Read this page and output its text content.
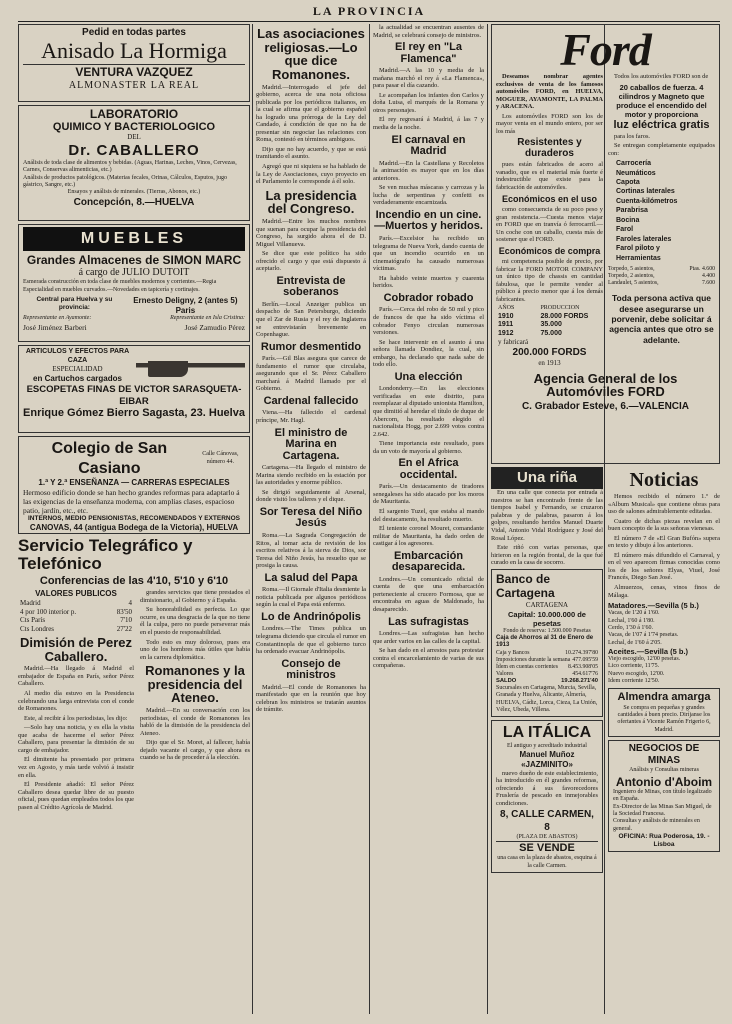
LA PROVINCIA
Pedid en todas partes
Anisado La Hormiga
VENTURA VAZQUEZ
ALMONASTER LA REAL
LABORATORIO
QUIMICO Y BACTERIOLOGICO
DEL
Dr. CABALLERO
Análisis de toda clase de alimentos y bebidas. (Aguas, Harinas, Leches, Vinos, Cervezas, Carnes, Conservas alimenticias, etc.)
Análisis de productos patológicos. (Materias fecales, Orinas, Cálculos, Esputos, jugo gástrico, Sangre, etc.)
Ensayos y análisis de minerales. (Tierras, Abonos, etc.)
Concepción, 8.—HUELVA
MUEBLES
Grandes Almacenes de SIMON MARC
á cargo de JULIO DUTOIT
Esmerada construcción en toda clase de muebles modernos y corrientes.—Regia Especialidad en muebles curvados.—Novedades en tapicería y cortinajes.
Central para Huelva y su provincia:
Ernesto Deligny, 2 (antes 5) Paris
Representante en Ayamonte:	Representante en Isla Cristina:
José Jiménez Barberi	José Zamudio Pérez
ARTICULOS Y EFECTOS PARA CAZA
ESPECIALIDAD
en Cartuchos cargados
ESCOPETAS FINAS DE VICTOR SARASQUETA-EIBAR
Enrique Gómez Bierro Sagasta, 23. Huelva
Colegio de San Casiano
Calle Cánovas, número 44.
1.ª Y 2.ª ENSEÑANZA — CARRERAS ESPECIALES
Hermoso edificio donde se han hecho grandes reformas para adaptarlo á las exigencias de la enseñanza moderna, con amplias clases, espacioso patio, jardín, etc., etc.
INTERNOS, MEDIO PENSIONISTAS, RECOMENDADOS Y EXTERNOS
CANOVAS, 44 (antigua Bodega de la Victoria), HUELVA
Servicio Telegráfico y Telefónico
Conferencias de las 4'10, 5'10 y 6'10
VALORES PUBLICOS
Madrid	4
4 por 100 interior p.	83'50
Cts París	7'10
Cts Londres	27'22
Dimisión de Perez Caballero.

Madrid.—Ha llegado á Madrid el embajador de España en París, señor Pérez Caballero.

Al medio día estuvo en la Presidencia celebrando una larga entrevista con el conde de Romanones.

Este, al recibir á los periodistas, les dijo:

—Solo hay una noticia, y es ella la visita que acaba de hacerme el señor Pérez Caballero, para presentar la dimisión de su cargo de embajador.

El dimitente ha presentado por primera vez en Agosto, y más tarde volvió á insistir en ella.

El Presidente añadió: El señor Pérez Caballero desea quedar libre de su puesto oficial, pues quedan empleados todos los que pasen al Crédito Agrícola de Madrid.

grandes servicios que tiene prestados el dimisionario, al Gobierno y á España.

Su honorabilidad es perfecta. Lo que ocurre, es una desgracia de la que no tiene él la culpa, pero no puede perseverar más en el puesto de responsabilidad.

Todo esto es muy doloroso, pues era uno de los hombres más útiles que había en la carrera diplomática.

Romanones y la presidencia del Ateneo.

Madrid.—En su conversación con los periodistas, el conde de Romanones les habló de la dimisión de la presidencia del Ateneo.

Dijo que el Sr. Moret, al fallecer, había dejado vacante el cargo, y que ahora es cuando se ha de proceder á la elección.

Las asociaciones religiosas.—Lo que dice Romanones.

Madrid.—Interrogado el jefe del gobierno, acerca de una nota oficiosa publicada por los periódicos italianos, en la cual se afirma que el gobierno español ha logrado una prórroga de la Ley del Candado, á condición de que no ha de presentar sin negociar las relaciones con Roma, contestó en términos ambiguos.

Dijo que no hay acuerdo, y que se está tramitando el asunto.

Agregó que ni siquiera se ha hablado de la Ley de Asociaciones, cuyo proyecto en el Parlamento le corresponde á él solo.

La presidencia del Congreso.

Madrid.—Entre los muchos nombres que suenan para ocupar la presidencia del Congreso, ha surgido ahora el de D. Miguel Villanueva.

Se dice que este político ha sido ofrecido el cargo y que está dispuesto á aceptarlo.

Entrevista de soberanos

Berlín.—Local Anzeiger publica un despacho de San Petersburgo, diciendo que el Zar de Rusia y el rey de Inglaterra se entrevistarán brevemente en Copenhague.

Rumor desmentido

París.—Gil Blas asegura que carece de fundamento el rumor que circulaba, asegurando que el Sr. Pérez Caballero marchará á Madrid llamado por el Gobierno.

Cardenal fallecido

Viena.—Ha fallecido el cardenal príncipe, Mr. Hagl.

El ministro de Marina en Cartagena.

Cartagena.—Ha llegado el ministro de Marina siendo recibido en la estación por las autoridades y enorme público.

Se dirigió seguidamente al Arsenal, donde visitó los talleres y el dique.

Sor Teresa del Niño Jesús

Roma.—La Sagrada Congregación de Ritos, al tomar acta de revisión de los escritos relativos á la sierva de Dios, sor Teresa del Niño Jesús, ha resuelto que se prosiga la causa.

La salud del Papa

Roma.—Il Giornale d'Italia desmiente la noticia publicada por algunos periódicos según la cual el Papa está enfermo.

Lo de Andrinópolis

Londres.—The Times publica un telegrama diciendo que circula el rumor en Constantinopla de que el gobierno turco ha ordenado evacuar Andrinópolis.

Consejo de ministros

Madrid.—El conde de Romanones ha manifestado que en la reunión que hoy celebran los ministros se tratarán asuntos de trámite.

la actualidad se encuentran ausentes de Madrid, se celebrará consejo de ministros.

El rey en "La Flamenca"

Madrid.—A las 10 y media de la mañana marchó el rey á «La Flamenca», para pasar el día cazando.

Le acompañan los infantes don Carlos y doña Luisa, el marqués de la Romana y otros personajes.

El rey regresará á Madrid, á las 7 y media de la noche.

El carnaval en Madrid

Madrid.—En la Castellana y Recoletos la animación es mayor que en los días anteriores.

Se ven muchas máscaras y carrozas y la lucha de serpentinas y confetti es verdaderamente encarnizada.

Incendio en un cine.—Muertos y heridos.

París.—Excelsior ha recibido un telegrama de Nueva York, dando cuenta de que un incendio ocurrido en un cinematógrafo ha causado numerosas víctimas.

Ha habido veinte muertos y cuarenta heridos.

Cobrador robado

París.—Cerca del robo de 50 mil y pico de francos de que ha sido víctima el cobrador Fenyo circulan numerosas versiones.

Se hace intervenir en el asunto á una señora llamada Dondiez, la cual, sin embargo, ha declarado que nada sabe de todo ello.

Una elección

Londonderry.—En las elecciones verificadas en este distrito, para reemplazar al diputado unionista Hamilton, que dimitió al heredar el título de duque de Abercorn, ha resultado elegido el nacionalista Hogg, por 2.699 votos contra 2.642.

Tiene importancia este resultado, pues da un voto de mayoría al gobierno.

En el Africa occidental.

París.—Un destacamento de tiradores senegaleses ha sido atacado por los moros de Mauritania.

El sargento Tuzel, que estaba al mando del destacamento, ha resultado muerto.

El teniente coronel Mouret, comandante militar de Mauritania, ha dado orden de castigar á los agresores.

Embarcación desaparecida.

Londres.—Un comunicado oficial de cuenta de que una embarcación perteneciente al crucero Formosa, que se encontraba en aguas de Maldonado, ha desaparecido.

Las sufragistas

Londres.—Las sufragistas han hecho que arder varios en las calles de la capital.

Se han dado en el arrestos para protestar contra el encarcelamiento de varias de sus compañeras.

Ford

Deseamos nombrar agentes exclusivos de venta de los famosos automóviles FORD, en HUELVA, MOGUER, AYAMONTE, LA PALMA y ARACENA.

Los automóviles FORD son los de mayor venta en el mundo entero, por ser los más

Resistentes y duraderos

pues están fabricados de acero al vanadio, que es el material más fuerte é indestructible que existe para la fabricación de automóviles.

Económicos en el uso

como consecuencia de su poco peso y gran resistencia.—Cuesta menos viajar en FORD que en tranvía ó ferrocarril.—Un coche con un caballo, cuesta más de sostener que el FORD.

Económicos de compra

mi competencia posible de precio, por fabricar la FORD MOTOR COMPANY un único tipo de chassis en cantidad fabulosa, que le permite vender al público á precio menor que á los demás fabricantes.

AÑOS	PRODUCCION
1910	28.000 FORDS
1911	35.000
1912	75.000
y fabricará	
200.000 FORDS
en 1913

Todos los automóviles FORD son de

20 caballos de fuerza. 4 cilindros y Magneto que produce el encendido del motor y proporciona
luz eléctrica gratis

para los faros.

Se entregan completamente equipados con:

Carrocería
Neumáticos
Capota
Cortinas laterales
Cuenta-kilómetros
Parabrisa
Bocina
Farol
Faroles laterales
Farol piloto y
Herramientas
Torpedo, 5 asientos,	Ptas. 4.600
Torpedo, 2 asientos,	4.400
Landaulet, 5 asientos,	7.600
Toda persona activa que desee asegurarse un porvenir, debe solicitar á agencia antes que otro se adelante.
Agencia General de los Automóviles FORD
C. Grabador Esteve, 6.—VALENCIA
Una riña

En una calle que conecta por entrada á nuestros se han encontrado frente de las tiempos Isabel y Fernando, se cruzaron palabras y de palabras, pasaron á los golpes, resultando heridos Manuel Duarte Vidal, Antonio Vidal Rodríguez y José del Rosal López.

Este riñó con varias personas, que hirieron en la región frontal, de la que fué curado en la casa de socorro.

Banco de Cartagena
CARTAGENA
Capital: 10.000.000 de pesetas
Fondo de reserva: 1.500.000 Pesetas
Caja de Ahorros al 31 de Enero de 1913
Caja y Bancos	10.274.397'80
Imposiciones durante la semana 477.095'59
Ídem en cuentas corrientes 8.453.908'05
Valores	454.617'76
SALDO	19.268.271'40
Sucursales en Cartagena, Murcia, Sevilla, Granada y Huelva, Alicante, Almería, HUELVA, Cádiz, Lorca, Cieza, La Unión, Vélez, Ubeda, Villena.
LA ITÁLICA
El antiguo y acreditado industrial
Manuel Muñoz «JAZMINITO»

nuevo dueño de este establecimiento, ha introducido en él grandes reformas, ofreciendo á sus favorecedores Fruslería de pescado en inmejorables condiciones.

8, CALLE CARMEN, 8
(PLAZA DE ABASTOS)
SE VENDE
una casa en la plaza de abastos, esquina á la calle Carmen.
Noticias

Hemos recibido el número 1.º de «Album Musical» que contiene obras para uso de salones admirablemente editadas.

Cuatro de dichas piezas revelan en el buen concepto de la sus señoras vienesas.

El número 7 de «El Gran Bufón» supera en texto y dibujo á los anteriores.

El número más difundido el Carnaval, y en el veo aparecen firmas conocidas como los de los señores Elyas, Viuel, José Francés, Diego San José.

Almuerzos, cenas, vinos finos de Málaga.

Matadores.—Sevilla (5 b.)
Vacas, de 1'20 á 1'60.
Lechal, 1'60 á 1'80.
Cerdo, 1'30 á 1'60.
Vacas, de 1'07 á 1'74 pesetas.
Lechal, de 1'60 á 2'05.
Aceites.—Sevilla (5 b.)
Viejo escogido, 12'00 pesetas.
Lico corriente, 11'75.
Nuevo escogido, 12'00.
Idem corriente 12'50.
Almendra amarga
Se compra en pequeñas y grandes cantidades á buen precio. Diríjanse los ofertantes á Vicente Ramón Frigerio 6, Madrid.
NEGOCIOS DE MINAS
Análisis y Consultas mineras
Antonio d'Aboim
Ingeniero de Minas, con título legalizado en España.
Ex-Director de las Minas San Miguel, de la Sociedad Francesa.
Consultas y análisis de minerales en general.
OFICINA: Rua Poderosa, 19. - Lisboa
